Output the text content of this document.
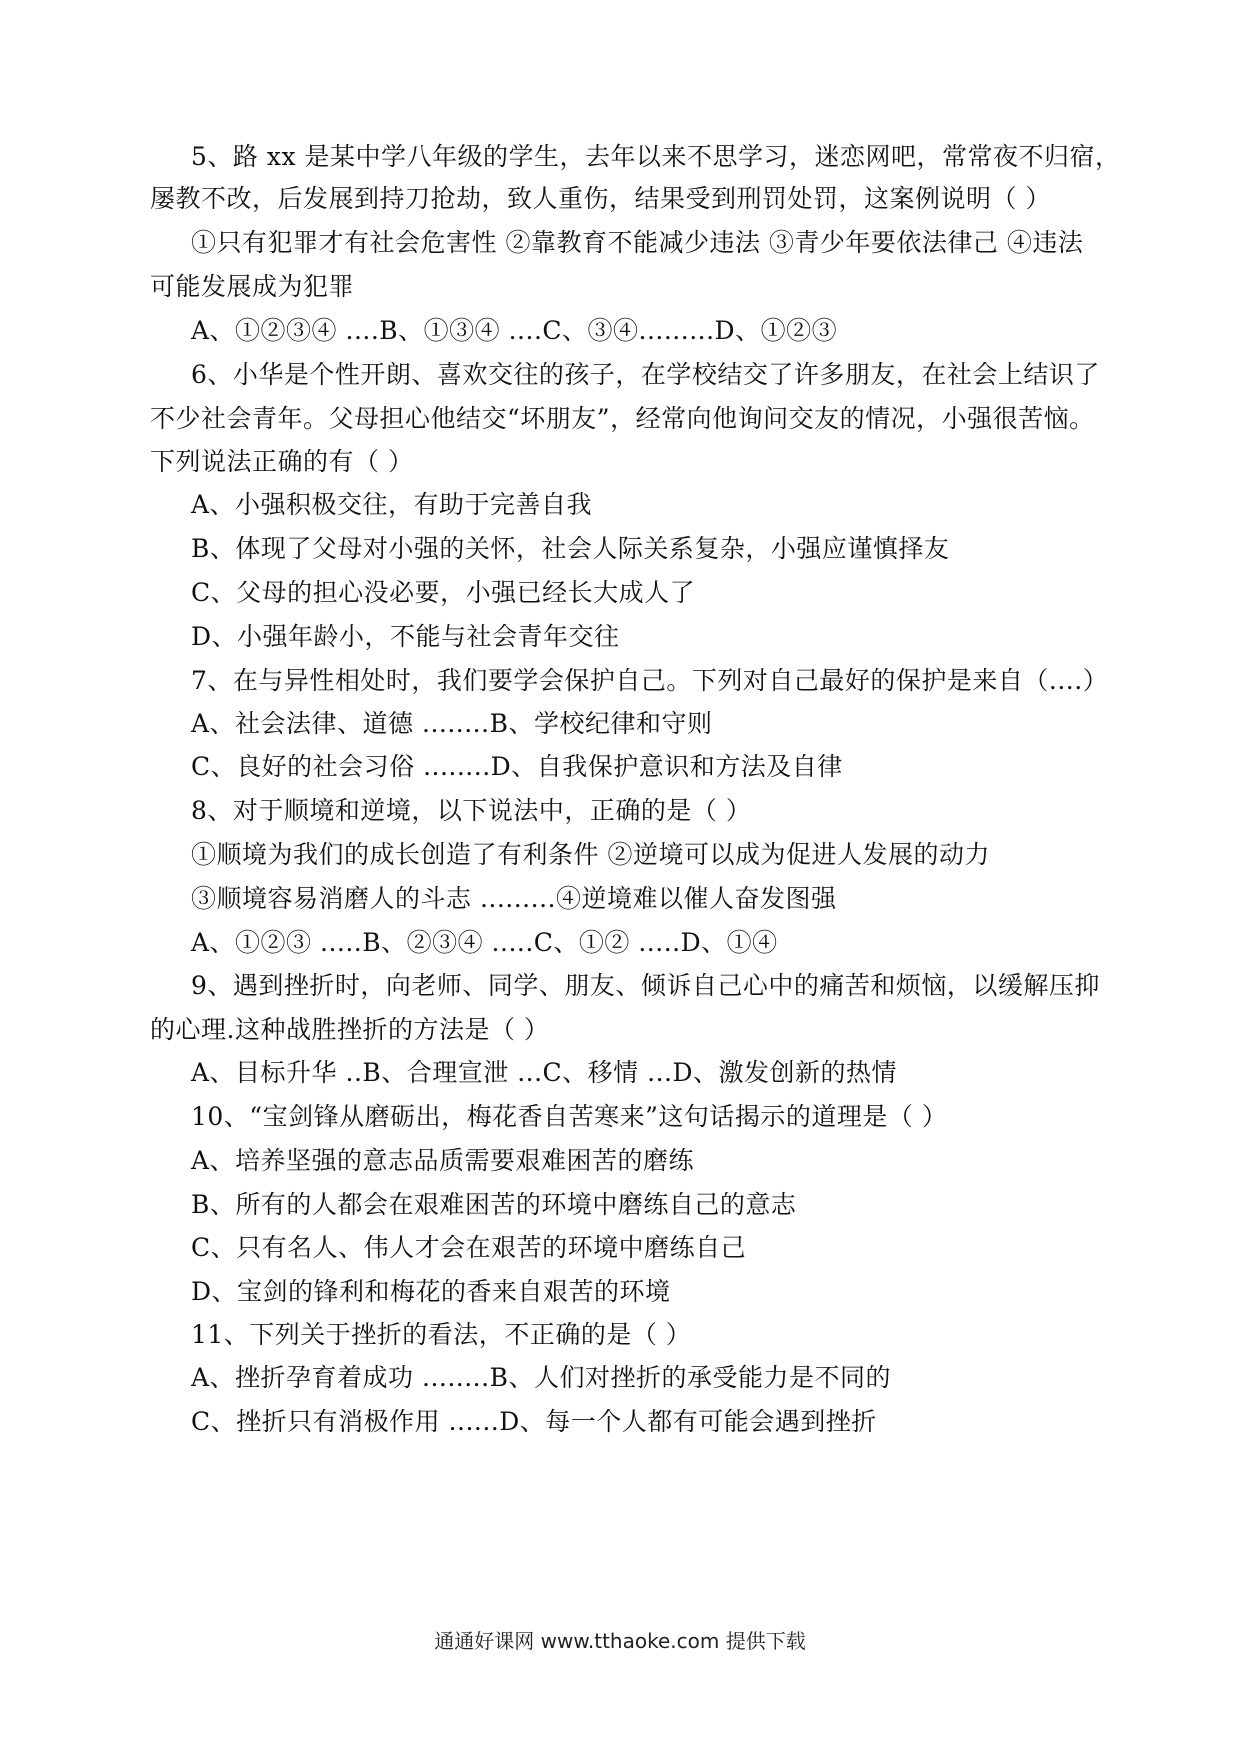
5、路 xx 是某中学八年级的学生，去年以来不思学习，迷恋网吧，常常夜不归宿，
屡教不改，后发展到持刀抢劫，致人重伤，结果受到刑罚处罚，这案例说明（ ）
①只有犯罪才有社会危害性 ②靠教育不能减少违法 ③青少年要依法律己 ④违法
可能发展成为犯罪
A、①②③④ ....B、①③④ ....C、③④.........D、①②③
6、小华是个性开朗、喜欢交往的孩子，在学校结交了许多朋友，在社会上结识了
不少社会青年。父母担心他结交“坏朋友”，经常向他询问交友的情况，小强很苦恼。
下列说法正确的有（ ）
A、小强积极交往，有助于完善自我
B、体现了父母对小强的关怀，社会人际关系复杂，小强应谨慎择友
C、父母的担心没必要，小强已经长大成人了
D、小强年龄小，不能与社会青年交往
7、在与异性相处时，我们要学会保护自己。下列对自己最好的保护是来自（....）
A、社会法律、道德 ........B、学校纪律和守则
C、良好的社会习俗 ........D、自我保护意识和方法及自律
8、对于顺境和逆境，以下说法中，正确的是（ ）
①顺境为我们的成长创造了有利条件 ②逆境可以成为促进人发展的动力
③顺境容易消磨人的斗志 .........④逆境难以催人奋发图强
A、①②③ .....B、②③④ .....C、①② .....D、①④
9、遇到挫折时，向老师、同学、朋友、倾诉自己心中的痛苦和烦恼，以缓解压抑
的心理.这种战胜挫折的方法是（ ）
A、目标升华 ..B、合理宣泄 ...C、移情 ...D、激发创新的热情
10、“宝剑锋从磨砺出，梅花香自苦寒来”这句话揭示的道理是（ ）
A、培养坚强的意志品质需要艰难困苦的磨练
B、所有的人都会在艰难困苦的环境中磨练自己的意志
C、只有名人、伟人才会在艰苦的环境中磨练自己
D、宝剑的锋利和梅花的香来自艰苦的环境
11、下列关于挫折的看法，不正确的是（ ）
A、挫折孕育着成功 ........B、人们对挫折的承受能力是不同的
C、挫折只有消极作用 ......D、每一个人都有可能会遇到挫折
通通好课网 www.tthaoke.com 提供下载
